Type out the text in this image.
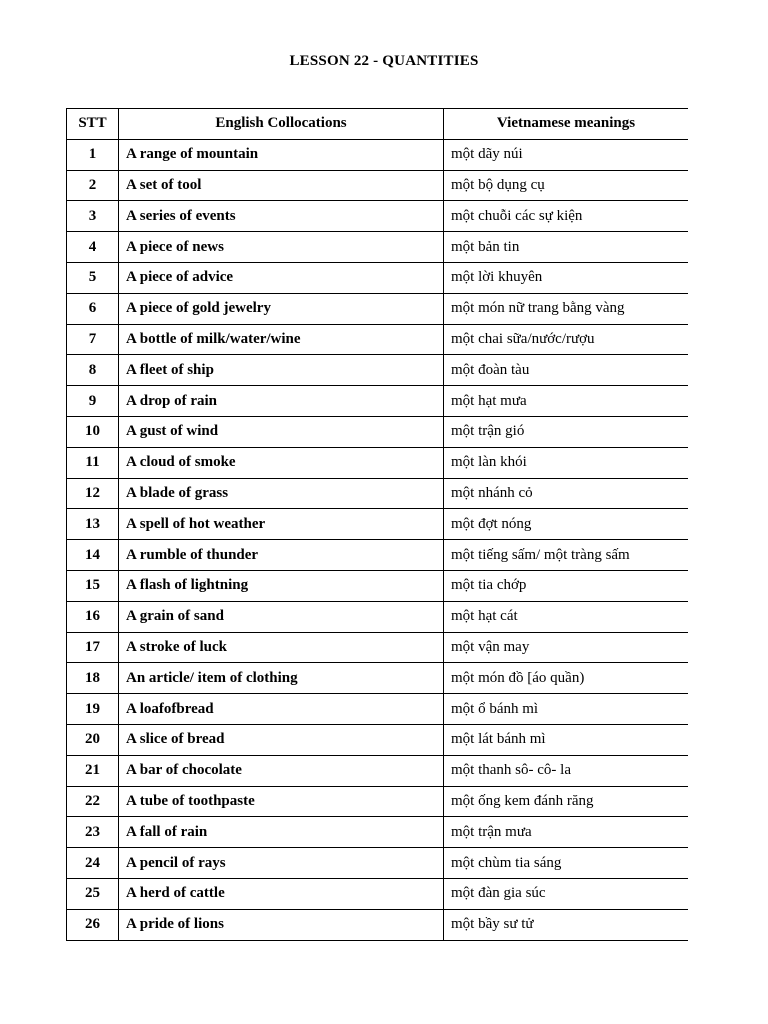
LESSON 22 - QUANTITIES
STT	English Collocations	Vietnamese meanings
1	A range of mountain	một dãy núi
2	A set of tool	một bộ dụng cụ
3	A series of events	một chuỗi các sự kiện
4	A piece of news	một bản tin
5	A piece of advice	một lời khuyên
6	A piece of gold jewelry	một món nữ trang bằng vàng
7	A bottle of milk/water/wine	một chai sữa/nước/rượu
8	A fleet of ship	một đoàn tàu
9	A drop of rain	một hạt mưa
10	A gust of wind	một trận gió
11	A cloud of smoke	một làn khói
12	A blade of grass	một nhánh cỏ
13	A spell of hot weather	một đợt nóng
14	A rumble of thunder	một tiếng sấm/ một tràng sấm
15	A flash of lightning	một tia chớp
16	A grain of sand	một hạt cát
17	A stroke of luck	một vận may
18	An article/ item of clothing	một món đồ [áo quần)
19	A loafofbread	một ổ bánh mì
20	A slice of bread	một lát bánh mì
21	A bar of chocolate	một thanh sô- cô- la
22	A tube of toothpaste	một ống kem đánh răng
23	A fall of rain	một trận mưa
24	A pencil of rays	một chùm tia sáng
25	A herd of cattle	một đàn gia súc
26	A pride of lions	một bầy sư tử
